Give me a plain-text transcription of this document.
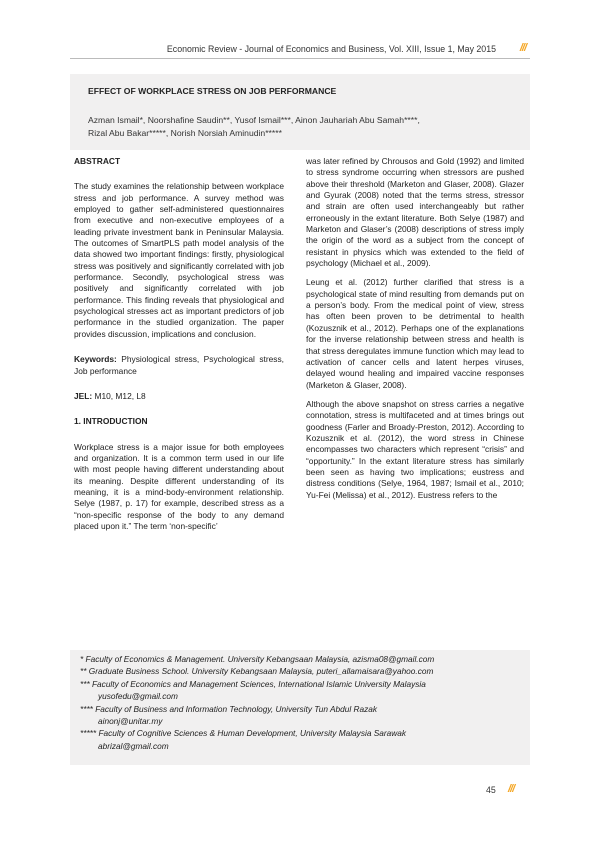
Economic Review - Journal of Economics and Business, Vol. XIII, Issue 1, May 2015 ///
EFFECT OF WORKPLACE STRESS ON JOB PERFORMANCE
Azman Ismail*, Noorshafine Saudin**, Yusof Ismail***, Ainon Jauhariah Abu Samah****,
Rizal Abu Bakar*****, Norish Norsiah Aminudin*****
ABSTRACT

The study examines the relationship between workplace stress and job performance. A survey method was employed to gather self-administered questionnaires from executive and non-executive employees of a leading private investment bank in Peninsular Malaysia. The outcomes of SmartPLS path model analysis of the data showed two important findings: firstly, physiological stress was positively and significantly correlated with job performance. Secondly, psychological stress was positively and significantly correlated with job performance. This finding reveals that physiological and psychological stresses act as important predictors of job performance in the studied organization. The paper provides discussion, implications and conclusion.

Keywords: Physiological stress, Psychological stress, Job performance

JEL: M10, M12, L8

1. INTRODUCTION

Workplace stress is a major issue for both employees and organization. It is a common term used in our life with most people having different understanding about its meaning. Despite different understanding of its meaning, it is a mind-body-environment relationship. Selye (1987, p. 17) for example, described stress as a “non-specific response of the body to any demand placed upon it.” The term ‘non-specific’

was later refined by Chrousos and Gold (1992) and limited to stress syndrome occurring when stressors are pushed above their threshold (Marketon and Glaser, 2008). Glazer and Gyurak (2008) noted that the terms stress, stressor and strain are often used interchangeably but rather erroneously in the extant literature. Both Selye (1987) and Marketon and Glaser’s (2008) descriptions of stress imply the origin of the word as a subject from the concept of resistant in physics which was extended to the field of psychology (Michael et al., 2009).

Leung et al. (2012) further clarified that stress is a psychological state of mind resulting from demands put on a person’s body. From the medical point of view, stress has often been proven to be detrimental to health (Kozusznik et al., 2012). Perhaps one of the explanations for the inverse relationship between stress and health is that stress deregulates immune function which may lead to activation of cancer cells and latent herpes viruses, delayed wound healing and impaired vaccine responses (Marketon & Glaser, 2008).

Although the above snapshot on stress carries a negative connotation, stress is multifaceted and at times brings out goodness (Farler and Broady-Preston, 2012). According to Kozusznik et al. (2012), the word stress in Chinese encompasses two characters which represent “crisis” and “opportunity.” In the extant literature stress has similarly been seen as having two implications; eustress and distress conditions (Selye, 1964, 1987; Ismail et al., 2010; Yu-Fei (Melissa) et al., 2012). Eustress refers to the

* Faculty of Economics & Management. University Kebangsaan Malaysia, azisma08@gmail.com
** Graduate Business School. University Kebangsaan Malaysia, puteri_allamaisara@yahoo.com
*** Faculty of Economics and Management Sciences, International Islamic University Malaysia
yusofedu@gmail.com
**** Faculty of Business and Information Technology, University Tun Abdul Razak
ainonj@unitar.my
***** Faculty of Cognitive Sciences & Human Development, University Malaysia Sarawak
abrizal@gmail.com
45 ///
